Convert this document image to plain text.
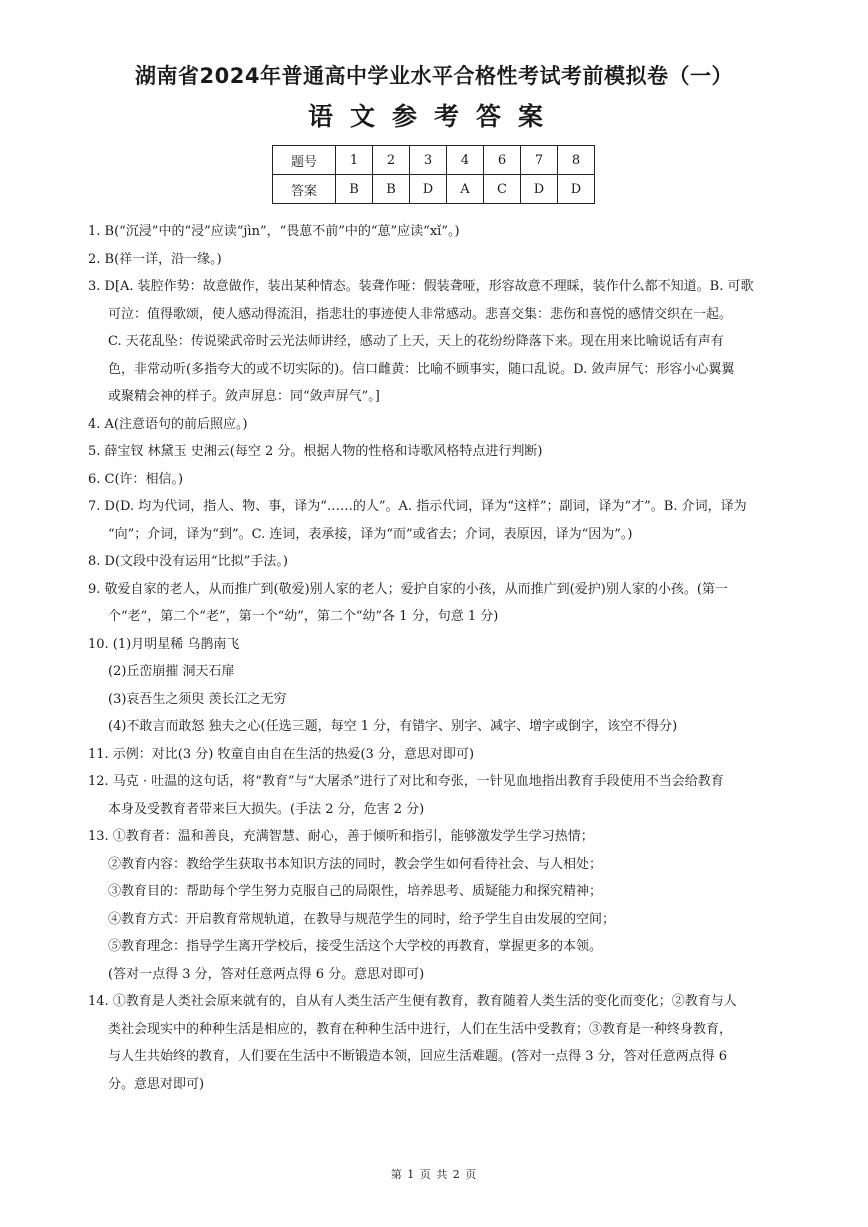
湖南省2024年普通高中学业水平合格性考试考前模拟卷（一）
语文参考答案
题号	1	2	3	4	6	7	8
答案	B	B	D	A	C	D	D

1. B(“沉浸”中的“浸”应读“jìn”，“畏葸不前”中的“葸”应读“xǐ”。)

2. B(祥一详，沿一缘。)

3. D[A. 装腔作势：故意做作，装出某种情态。装聋作哑：假装聋哑，形容故意不理睬，装作什么都不知道。B. 可歌

可泣：值得歌颂，使人感动得流泪，指悲壮的事迹使人非常感动。悲喜交集：悲伤和喜悦的感情交织在一起。

C. 天花乱坠：传说梁武帝时云光法师讲经，感动了上天，天上的花纷纷降落下来。现在用来比喻说话有声有

色，非常动听(多指夸大的或不切实际的)。信口雌黄：比喻不顾事实，随口乱说。D. 敛声屏气：形容小心翼翼

或聚精会神的样子。敛声屏息：同“敛声屏气”。]

4. A(注意语句的前后照应。)

5. 薛宝钗 林黛玉 史湘云(每空 2 分。根据人物的性格和诗歌风格特点进行判断)

6. C(许：相信。)

7. D(D. 均为代词，指人、物、事，译为“……的人”。A. 指示代词，译为“这样”；副词，译为“才”。B. 介词，译为

“向”；介词，译为“到”。C. 连词，表承接，译为“而”或省去；介词，表原因，译为“因为”。)

8. D(文段中没有运用“比拟”手法。)

9. 敬爱自家的老人，从而推广到(敬爱)别人家的老人；爱护自家的小孩，从而推广到(爱护)别人家的小孩。(第一

个“老”，第二个“老”，第一个“幼”，第二个“幼”各 1 分，句意 1 分)

10. (1)月明星稀 乌鹊南飞

(2)丘峦崩摧 洞天石扉

(3)哀吾生之须臾 羡长江之无穷

(4)不敢言而敢怒 独夫之心(任选三题，每空 1 分，有错字、别字、减字、增字或倒字，该空不得分)

11. 示例：对比(3 分) 牧童自由自在生活的热爱(3 分，意思对即可)

12. 马克 · 吐温的这句话，将“教育”与“大屠杀”进行了对比和夸张，一针见血地指出教育手段使用不当会给教育

本身及受教育者带来巨大损失。(手法 2 分，危害 2 分)

13. ①教育者：温和善良，充满智慧、耐心，善于倾听和指引，能够激发学生学习热情；

②教育内容：教给学生获取书本知识方法的同时，教会学生如何看待社会、与人相处；

③教育目的：帮助每个学生努力克服自己的局限性，培养思考、质疑能力和探究精神；

④教育方式：开启教育常规轨道，在教导与规范学生的同时，给予学生自由发展的空间；

⑤教育理念：指导学生离开学校后，接受生活这个大学校的再教育，掌握更多的本领。

(答对一点得 3 分，答对任意两点得 6 分。意思对即可)

14. ①教育是人类社会原来就有的，自从有人类生活产生便有教育，教育随着人类生活的变化而变化；②教育与人

类社会现实中的种种生活是相应的，教育在种种生活中进行，人们在生活中受教育；③教育是一种终身教育，

与人生共始终的教育，人们要在生活中不断锻造本领，回应生活难题。(答对一点得 3 分，答对任意两点得 6

分。意思对即可)

第 1 页 共 2 页
